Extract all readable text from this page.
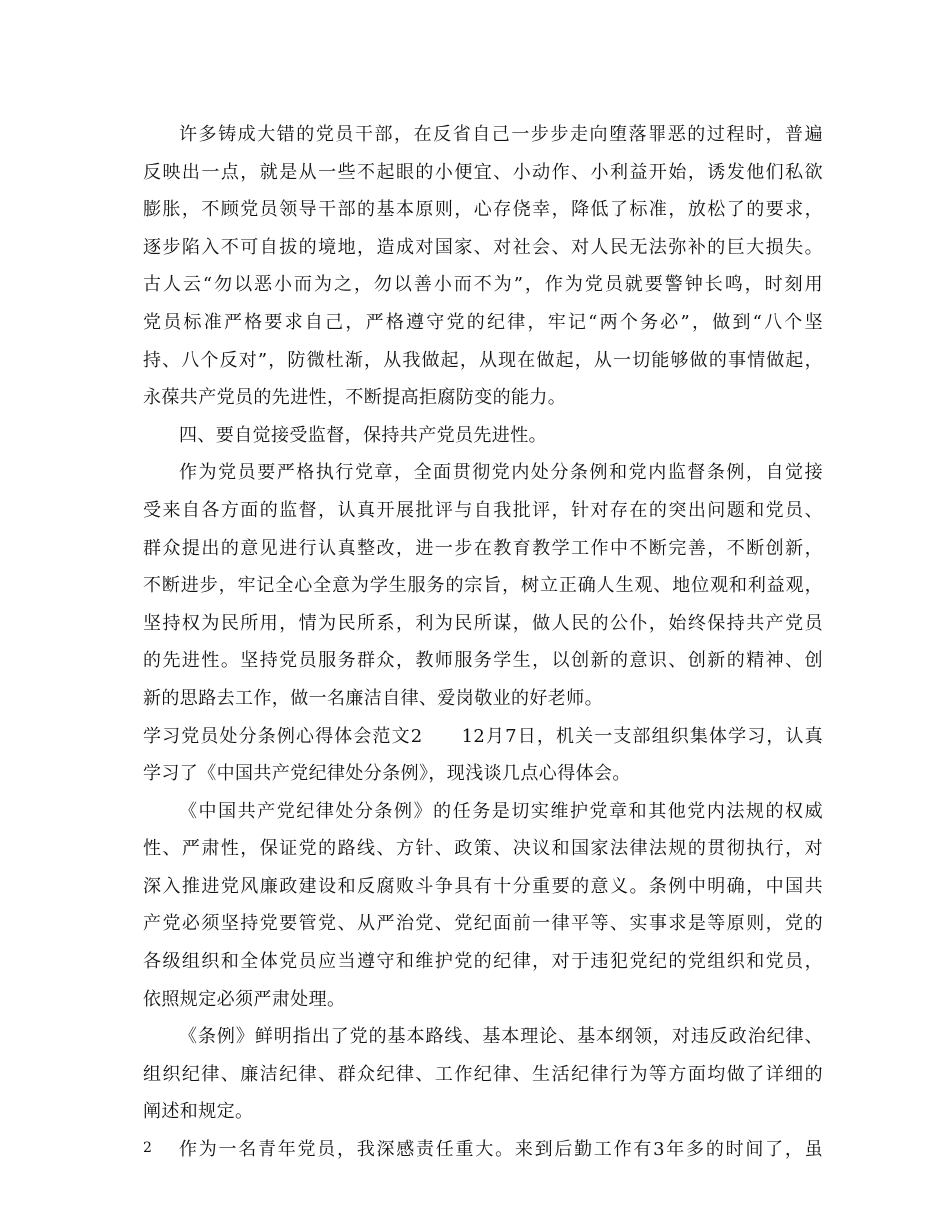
许多铸成大错的党员干部，在反省自己一步步走向堕落罪恶的过程时，普遍
反映出一点，就是从一些不起眼的小便宜、小动作、小利益开始，诱发他们私欲
膨胀，不顾党员领导干部的基本原则，心存侥幸，降低了标准，放松了的要求，
逐步陷入不可自拔的境地，造成对国家、对社会、对人民无法弥补的巨大损失。
古人云“勿以恶小而为之，勿以善小而不为”，作为党员就要警钟长鸣，时刻用
党员标准严格要求自己，严格遵守党的纪律，牢记“两个务必”，做到“八个坚
持、八个反对”，防微杜渐，从我做起，从现在做起，从一切能够做的事情做起，
永葆共产党员的先进性，不断提高拒腐防变的能力。
四、要自觉接受监督，保持共产党员先进性。
作为党员要严格执行党章，全面贯彻党内处分条例和党内监督条例，自觉接
受来自各方面的监督，认真开展批评与自我批评，针对存在的突出问题和党员、
群众提出的意见进行认真整改，进一步在教育教学工作中不断完善，不断创新，
不断进步，牢记全心全意为学生服务的宗旨，树立正确人生观、地位观和利益观，
坚持权为民所用，情为民所系，利为民所谋，做人民的公仆，始终保持共产党员
的先进性。坚持党员服务群众，教师服务学生，以创新的意识、创新的精神、创
新的思路去工作，做一名廉洁自律、爱岗敬业的好老师。
学习党员处分条例心得体会范文2　　12月7日，机关一支部组织集体学习，认真
学习了《中国共产党纪律处分条例》，现浅谈几点心得体会。
《中国共产党纪律处分条例》的任务是切实维护党章和其他党内法规的权威
性、严肃性，保证党的路线、方针、政策、决议和国家法律法规的贯彻执行，对
深入推进党风廉政建设和反腐败斗争具有十分重要的意义。条例中明确，中国共
产党必须坚持党要管党、从严治党、党纪面前一律平等、实事求是等原则，党的
各级组织和全体党员应当遵守和维护党的纪律，对于违犯党纪的党组织和党员，
依照规定必须严肃处理。
《条例》鲜明指出了党的基本路线、基本理论、基本纲领，对违反政治纪律、
组织纪律、廉洁纪律、群众纪律、工作纪律、生活纪律行为等方面均做了详细的
阐述和规定。
作为一名青年党员，我深感责任重大。来到后勤工作有3年多的时间了，虽
2
